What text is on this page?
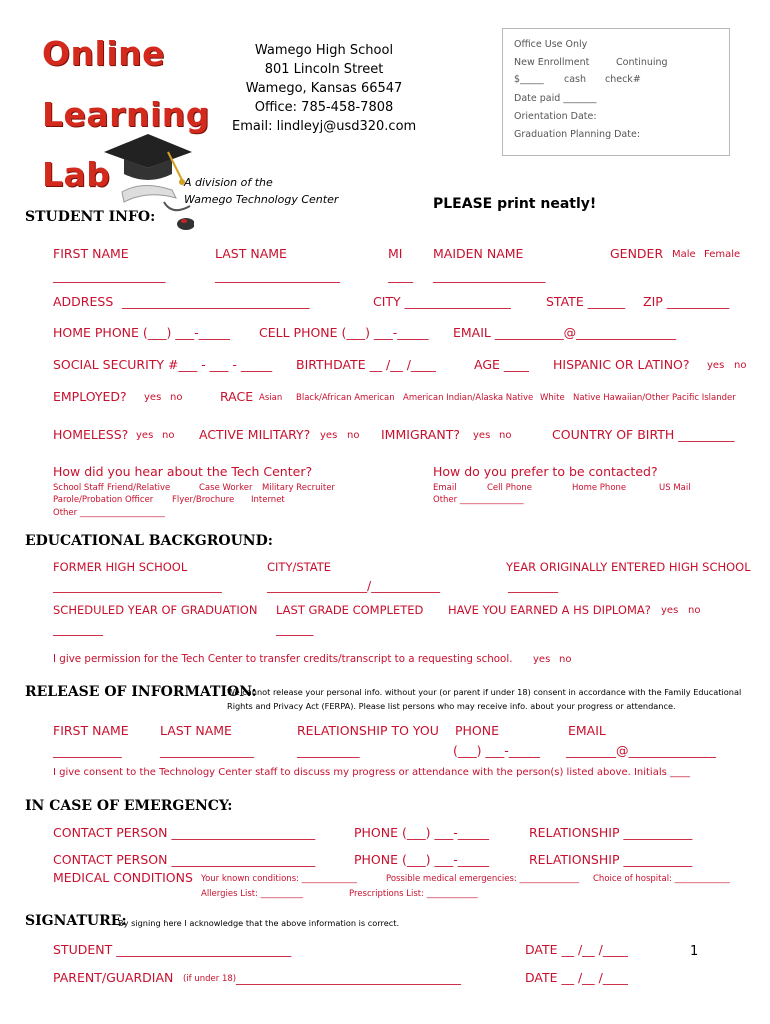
Online
Learning
Lab	A division of the
Wamego Technology Center
Wamego High School
801 Lincoln Street
Wamego, Kansas 66547
Office: 785-458-7808
Email: lindleyj@usd320.com
Office Use Only
New Enrollment	Continuing
$_____ cash check#
Date paid _______
Orientation Date:
Graduation Planning Date:
PLEASE print neatly!
STUDENT INFO:
FIRST NAME	LAST NAME	MI MAIDEN NAME	GENDER Male Female
__________________	____________________	____ __________________
ADDRESS ______________________________	CITY _________________	STATE ______ ZIP __________
HOME PHONE (___) ___-_____ CELL PHONE (___) ___-_____ EMAIL ___________@________________
SOCIAL SECURITY #___ - ___ - _____ BIRTHDATE __ /__ /____	AGE ____ HISPANIC OR LATINO? yes no
EMPLOYED? yes no	RACE Asian Black/African American American Indian/Alaska Native White Native Hawaiian/Other Pacific Islander
HOMELESS? yes no ACTIVE MILITARY? yes no IMMIGRANT? yes no	COUNTRY OF BIRTH _________
How did you hear about the Tech Center?
School Staff Friend/Relative	Case Worker Military Recruiter
Parole/Probation Officer Flyer/Brochure Internet
Other ____________________
How do you prefer to be contacted?
Email	Cell Phone	Home Phone	US Mail
Other _______________
EDUCATIONAL BACKGROUND:
FORMER HIGH SCHOOL	CITY/STATE	YEAR ORIGINALLY ENTERED HIGH SCHOOL
___________________________	________________/___________	________
SCHEDULED YEAR OF GRADUATION LAST GRADE COMPLETED HAVE YOU EARNED A HS DIPLOMA? yes no
________	______
I give permission for the Tech Center to transfer credits/transcript to a requesting school. yes no
RELEASE OF INFORMATION:
We cannot release your personal info. without your (or parent if under 18) consent in accordance with the Family Educational
Rights and Privacy Act (FERPA). Please list persons who may receive info. about your progress or attendance.
FIRST NAME	LAST NAME	RELATIONSHIP TO YOU PHONE	EMAIL
___________	_______________	__________	(___) ___-_____ ________@______________
I give consent to the Technology Center staff to discuss my progress or attendance with the person(s) listed above. Initials ____
IN CASE OF EMERGENCY:
CONTACT PERSON _______________________	PHONE (___) ___-_____	RELATIONSHIP ___________
CONTACT PERSON _______________________	PHONE (___) ___-_____	RELATIONSHIP ___________
MEDICAL CONDITIONS Your known conditions: _____________	Possible medical emergencies: ______________ Choice of hospital: _____________
Allergies List: __________	Prescriptions List: ____________
SIGNATURE:
By signing here I acknowledge that the above information is correct.
STUDENT ____________________________	DATE __ /__ /____	1
PARENT/GUARDIAN (if under 18) ____________________________________	DATE __ /__ /____
